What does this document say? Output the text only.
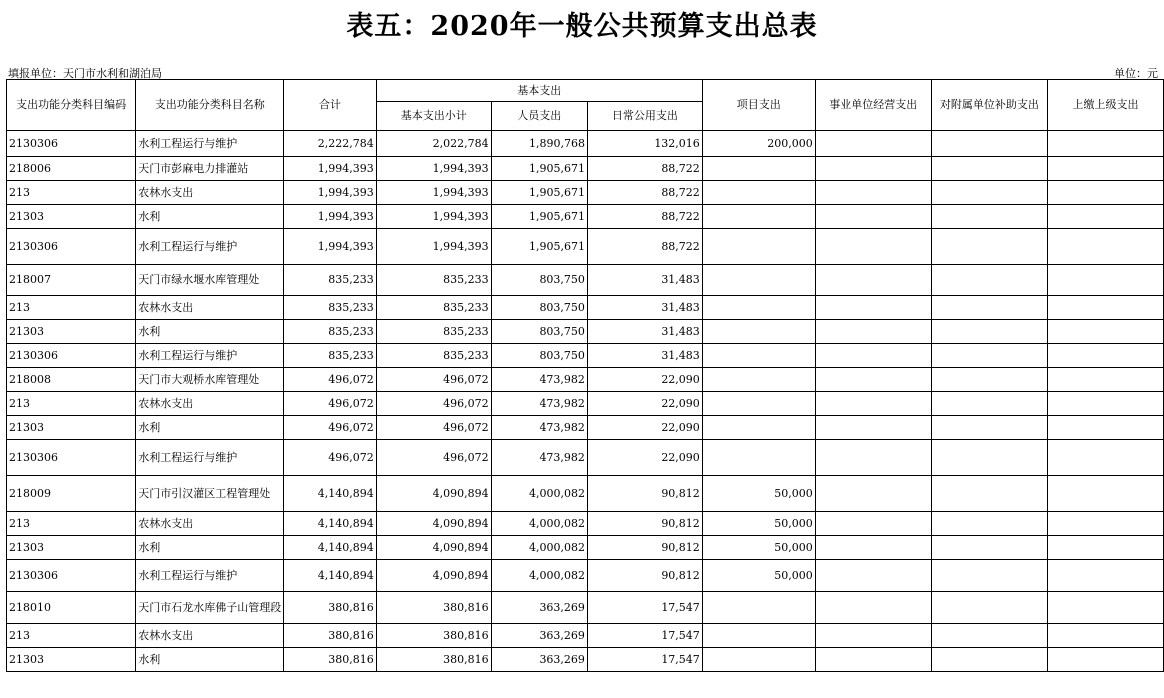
表五：2020年一般公共预算支出总表
填报单位：天门市水利和湖泊局	单位：元
支出功能分类科目编码	支出功能分类科目名称	合计	基本支出			项目支出	事业单位经营支出	对附属单位补助支出	上缴上级支出
			基本支出小计	人员支出	日常公用支出				
2130306	水利工程运行与维护	2,222,784	2,022,784	1,890,768	132,016	200,000			
218006	天门市彭麻电力排灌站	1,994,393	1,994,393	1,905,671	88,722				
213	农林水支出	1,994,393	1,994,393	1,905,671	88,722				
21303	水利	1,994,393	1,994,393	1,905,671	88,722				
2130306	水利工程运行与维护	1,994,393	1,994,393	1,905,671	88,722				
218007	天门市绿水堰水库管理处	835,233	835,233	803,750	31,483				
213	农林水支出	835,233	835,233	803,750	31,483				
21303	水利	835,233	835,233	803,750	31,483				
2130306	水利工程运行与维护	835,233	835,233	803,750	31,483				
218008	天门市大观桥水库管理处	496,072	496,072	473,982	22,090				
213	农林水支出	496,072	496,072	473,982	22,090				
21303	水利	496,072	496,072	473,982	22,090				
2130306	水利工程运行与维护	496,072	496,072	473,982	22,090				
218009	天门市引汉灌区工程管理处	4,140,894	4,090,894	4,000,082	90,812	50,000			
213	农林水支出	4,140,894	4,090,894	4,000,082	90,812	50,000			
21303	水利	4,140,894	4,090,894	4,000,082	90,812	50,000			
2130306	水利工程运行与维护	4,140,894	4,090,894	4,000,082	90,812	50,000			
218010	天门市石龙水库佛子山管理段	380,816	380,816	363,269	17,547				
213	农林水支出	380,816	380,816	363,269	17,547				
21303	水利	380,816	380,816	363,269	17,547				
